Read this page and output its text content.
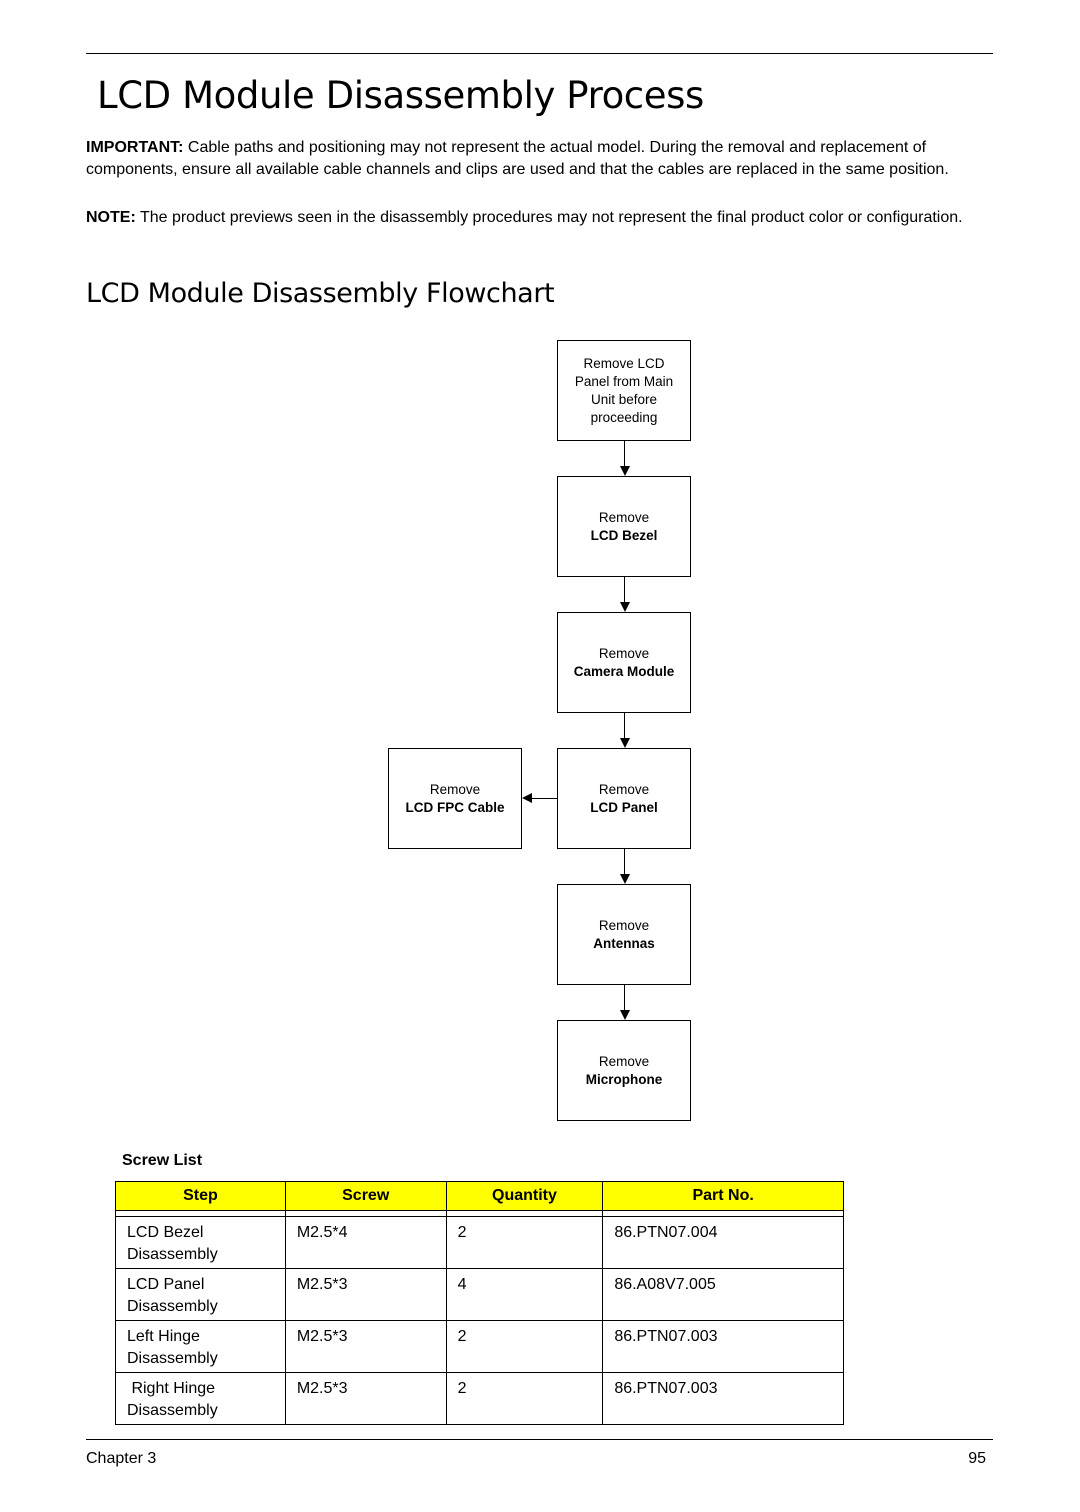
LCD Module Disassembly Process

IMPORTANT: Cable paths and positioning may not represent the actual model. During the removal and replacement of components, ensure all available cable channels and clips are used and that the cables are replaced in the same position.

NOTE: The product previews seen in the disassembly procedures may not represent the final product color or configuration.

LCD Module Disassembly Flowchart
Remove LCD
Panel from Main
Unit before
proceeding
Remove
LCD Bezel
Remove
Camera Module
Remove
LCD Panel
Remove
LCD FPC Cable
Remove
Antennas
Remove
Microphone
Screw List
Step	Screw	Quantity	Part No.

LCD Bezel
Disassembly	M2.5*4	2	86.PTN07.004
LCD Panel
Disassembly	M2.5*3	4	86.A08V7.005
Left Hinge
Disassembly	M2.5*3	2	86.PTN07.003
Right Hinge
Disassembly	M2.5*3	2	86.PTN07.003
Chapter 3	95
